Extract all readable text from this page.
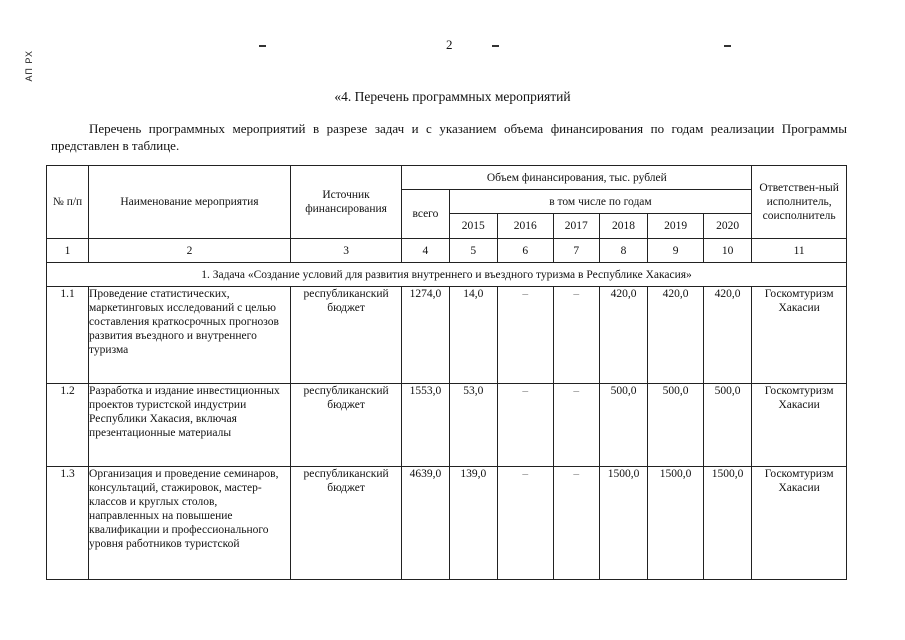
АП РХ
2
«4. Перечень программных мероприятий
Перечень программных мероприятий в разрезе задач и с указанием объема финансирования по годам реализации Программы представлен в таблице.
№ п/п	Наименование мероприятия	Источник финансирования	Объем финансирования, тыс. рублей							Ответствен-ный исполнитель, соисполнитель
			всего	в том числе по годам						
				2015	2016	2017	2018	2019	2020	
1	2	3	4	5	6	7	8	9	10	11
1. Задача «Создание условий для развития внутреннего и въездного туризма в Республике Хакасия»										
1.1	Проведение статистических, маркетинговых исследований с целью составления краткосрочных прогнозов развития въездного и внутреннего туризма	республиканский бюджет	1274,0	14,0	–	–	420,0	420,0	420,0	Госкомтуризм Хакасии
1.2	Разработка и издание инвестиционных проектов туристской индустрии Республики Хакасия, включая презентационные материалы	республиканский бюджет	1553,0	53,0	–	–	500,0	500,0	500,0	Госкомтуризм Хакасии
1.3	Организация и проведение семинаров, консультаций, стажировок, мастер-классов и круглых столов, направленных на повышение квалификации и профессионального уровня работников туристской	республиканский бюджет	4639,0	139,0	–	–	1500,0	1500,0	1500,0	Госкомтуризм Хакасии
